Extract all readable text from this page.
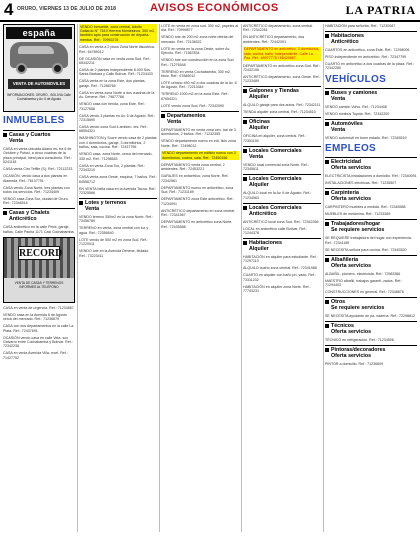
4 ORURO, VIERNES 13 DE JULIO DE 2018	AVISOS ECONÓMICOS	LA PATRIA
españa
VENTA DE AUTOMOVILES
INFORMACIONES: ORURO - BOLIVIA Calle Cochabamba y Av. 6 de Agosto
INMUEBLES
Casas y Cuartos
Venta
CASA en venta ubicada Adano es- tra 6 de Octubre y Potosí, a cinco cuadras de la plaza principal, ideal para consultorio. Ref.: 5241161
CASA venta Ciro Teffile (S). Ref.: 72112233
OCASIÓN, vendo casa a dos plantas en Alameda. Ref.: 76137791
CASA vendo Zona Norte, tres plantas con todos los servicios. Ref.: 71234409
VENDO casa Zona Sur, ciudad de Oruro. Ref.: 72346518
Casas y Chalets
Anticrético
CASA anticrético en la calle Petot, garaje, baños. Calle Pacha 1171 Casi Cochabamba.
RECORD
VENTA DE CASAS Y TERRENOS INFORMES AL TELÉFONO
CASA en venta de urgencia. Ref.: 71234567
VENDO casa en la Avenida 6 de Agosto cerca del mercado. Ref.: 71236679
CASA con dos departamentos en la calle La Plata. Ref.: 72437691
OCASIÓN vendo casa en calle Vela- sco Galvarro entre Cochabamba y Bolívar. Ref.: 72342238
CASA en venta Avenida Villa- rroel. Ref.: 71427752
VENDO inmueble, zona central, Adolfo Gallardo N° 7619 Herrera Montesinos, 300 m2, también apto para construcción de departa- mentos. Ref.: 70992278
CASA en venta a 2 pisos Zona Norte discoteca. Ref.: 64789012
DE OCASIÓN casa en venta zona Sud, Ref.: 65342211
CASA de 2 plantas independiente 8.000 Sus. Santa Bárbara y Calle Bolívar. Ref.: 71234433
CASA venta en la zona Este, dos plantas, garaje. Ref.: 71288765
CASA en venta zona Norte a dos cuadras de la Av. Dehene. Ref.: 79877766
VENDO casa con tienda, zona Este. Ref.: 73127656
CASA vendo 3 plantas en Av. 6 de Agosto. Ref.: 72315690
CASA vendo zona Sud 4 ambien- tes. Ref.: 68554321
WASHINGTON y Sucre vendo casa de 2 plantas con 4 dormitorios, garaje, 3 dormitorios, 2 baños, sala, cocina. Ref.: 72437756
VENDO casa, zona Norte, cerca del mercado, 330 m2. Ref.: 71298543
CASA en venta Zona Sur, 2 plantas. Ref.: 72343210
CASA venta zona Oeste, esquina, 7 baños. Ref.: 64556712
EN VENTA bella casa en la Avenida Tacna. Ref.: 72325566
Lotes y terrenos
Venta
VENDO terreno 350m2 en la zona Norte. Ref.: 73456789
TERRENO en venta, zona central con luz y agua. Ref.: 72356640
LOTE vendo de 500 m2 en zona Sud. Ref.: 71220011
VENDO lote en la Avenida Dehene, titulado. Ref.: 73223411
LOTE en venta en zona sud, 300 m2, papeles al día. Ref.: 70999877
VENDO lote de 200 m2 zona norte detrás del mercado. Ref.: 72134522
LOTE en venta en la zona Oeste, sobre Av. Ejército. Ref.: 71567834
VENDO lote con construcción en la zona Sud. Ref.: 71276548
TERRENO en venta Cochabamba, 300 m2, título. Ref.: 67889012
LOTE urbano 450 m2 a dos cuadras de la Av. 6 de Agosto. Ref.: 72213344
TERRENO 1000 m2 en la zona Este. Ref.: 67654321
LOTE vendo zona Sud, Ref.: 72342090
Departamentos
Venta
DEPARTAMENTO en venta zona cen- tral de 3 dormitorios, 2 baños. Ref.: 71232355
VENDO departamento nuevo en edi- ficio zona Norte. Ref.: 72498012
VENDO departamento en edificio nuevo con 3 dormitorios, cocina, sala. Ref.: 72450156
DEPARTAMENTO venta zona central, 2 ambientes. Ref.: 72453221
GARAJES en anticrético, zona Norte. Ref.: 72342561
DEPARTAMENTO nuevo en anticrético, zona Sud. Ref.: 71231189
DEPARTAMENTO zona Este anticrético. Ref.: 71234091
ANTICRÉTICO departamento en zona central. Ref.: 72341567
DEPARTAMENTO en anticrético zona Norte. Ref.: 72435588
ANTICRÉTICO departamento, zona central. Ref.: 72342281
EN ANTICRÉTICO departamento, dos ambientes. Ref.: 72442091
DEPARTAMENTO en anticrético, 3 dormitorios, sala, cocina, baño, independiente. Calle La Paz. Ref.: 69977778 / 65420887
DEPARTAMENTO en anticrético zona Sud. Ref.: 72432106
ANTICRÉTICO departamento, zona Oeste. Ref.: 71233489
Galpones y Tiendas
Alquiler
ALQUILO garaje para dos autos. Ref.: 72342111
TIENDA alquiler zona central. Ref.: 71234510
Oficinas
Alquiler
OFICINA en alquiler, zona central. Ref.: 72351190
Locales Comerciales
Venta
VENDO local comercial zona Norte. Ref.: 72345611
Locales Comerciales
Alquiler
ALQUILO local en la Av. 6 de Agosto. Ref.: 71234563
Locales Comerciales
Anticrético
ANTICRÉTICO local zona Sud. Ref.: 72342266
LOCAL en anticrético calle Bolívar. Ref.: 71244378
Habitaciones
Alquiler
HABITACIÓN en alquiler para estudiante. Ref.: 71297110
ALQUILO cuarto zona central. Ref.: 72341988
CUARTO en alquiler con baño pri- vado. Ref.: 73311232
HABITACIÓN en alquiler zona Norte. Ref.: 77743231
HABITACIÓN para señorita. Ref.: 71230087
Habitaciones
Anticrético
CUARTOS en anticrético, zona Este. Ref.: 71298006
PISO independiente en anticrético. Ref.: 72347799
CUARTO en anticrético a dos cuadras de la plaza. Ref.: 72342280
VEHÍCULOS
Buses y camiones
Venta
VENDO camión Volvo. Ref.: 71234408
VENDO minibús Toyota. Ref.: 72342200
Automóviles
Venta
VENDO automóvil en buen estado. Ref.: 72345519
EMPLEOS
Electricidad
Oferta servicios
ELECTRICISTA instalaciones a domicilio. Ref.: 72340091
INSTALACIONES eléctricas. Ref.: 71235507
Carpintería
Oferta servicios
CARPINTERO muebles a medida. Ref.: 72345588
MUEBLES de melamina. Ref.: 71233389
Trabajadores/hogar
Se requiere servicios
SE REQUIERE trabajadora del hogar con experiencia. Ref.: 72341189
SE NECESITA señora para cocina. Ref.: 72445520
Albañilería
Oferta servicios
ALBAÑIL, plomero, electricista. Ref.: 72983366
MAESTRO albañil, trabajos garanti- zados. Ref.: 71294403
CONSTRUCCIONES en general. Ref.: 72348876
Otros
Se requiere servicios
SE NECESITA ayudante de pa- nadería. Ref.: 72298812
Técnicos
Oferta servicios
TÉCNICO en refrigeración. Ref.: 71234506
Pintoras/decoradores
Oferta servicios
PINTOR a domicilio. Ref.: 71236609
